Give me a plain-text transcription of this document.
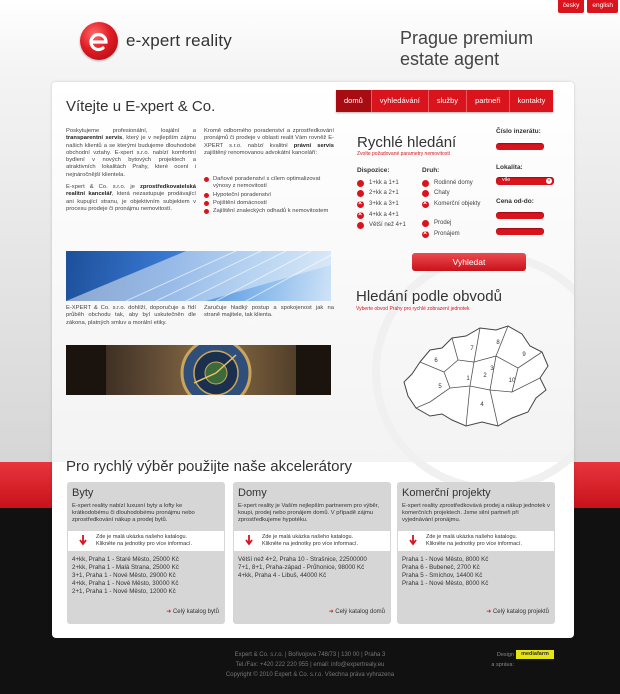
česky	english
e-xpert reality	Prague premium
estate agent
domů	vyhledávání	služby	partneři	kontakty
Vítejte u E-xpert & Co.
Poskytujeme profesionální, loajální a transparentní servis, který je v nejlepším zájmu našich klientů a se kterými budujeme dlouhodobé obchodní vztahy. E-xpert s.r.o. nabízí komfortní bydlení v nových bytových projektech a atraktivních lokalitách Prahy, které ocení i nejnáročnější klientela.
E-xpert & Co. s.r.o. je zprostředkovatelská realitní kancelář, která nezastupuje prodávající ani kupující stranu, je objektivním subjektem v procesu prodeje či pronájmu nemovitostí.
Kromě odborného poradenství a zprostředkování pronájmů či prodeje v oblasti realit Vám rovněž E-XPERT s.r.o. nabízí kvalitní právní servis zajištěný renomovanou advokátní kanceláří:
Daňové poradenství s cílem optimalizovat výnosy z nemovitostí
Hypoteční poradenství
Pojištění domácností
Zajištění znaleckých odhadů k nemovitostem
E-XPERT & Co. s.r.o. dohlíží, doporučuje a řídí průběh obchodu tak, aby byl uskutečněn dle zákona, platných smluv a morální etiky.
Zaručuje hladký postup a spokojenost jak na straně majitele, tak klienta.
Rychlé hledání
Zvolte požadované parametry nemovitosti
Dispozice:
1+kk a 1+1
2+kk a 2+1
×
3+kk a 3+1
×
4+kk a 4+1
Větší než 4+1
Druh:
Rodinné domy
Chaty
×
Komerční objekty
Prodej
×
Pronájem
Číslo inzerátu:
Lokalita:
vile	×
Cena od-do:
Vyhledat
Hledání podle obvodů
Vyberte obvod Prahy pro rychlé zobrazení jednotek
1 2
3
4
5
6
7
8
9
10
Pro rychlý výběr použijte naše akcelerátory
Byty
E-xpert reality nabízí luxusní byty a lofty ke krátkodobému či dlouhodobému pronájmu nebo zprostředkování nákup a prodej bytů.
Zde je malá ukázka našeho katalogu.
Klikněte na jednotky pro více informací.
4+kk, Praha 1 - Staré Město, 25000 Kč
2+kk, Praha 1 - Malá Strana, 25000 Kč
3+1, Praha 1 - Nové Město, 29000 Kč
4+kk, Praha 1 - Nové Město, 30000 Kč
2+1, Praha 1 - Nové Město, 12000 Kč
➜ Celý katalog bytů
Domy
E-xpert reality je Vaším nejlepším partnerem pro výběr, koupi, prodej nebo pronájem domů. V případě zájmu zprostředkujeme hypotéku.
Zde je malá ukázka našeho katalogu.
Klikněte na jednotky pro více informací.
Větší než 4+2, Praha 10 - Strašnice, 22500000
7+1, 8+1, Praha-západ - Průhonice, 98000 Kč
4+kk, Praha 4 - Libuš, 44000 Kč
➜ Celý katalog domů
Komerční projekty
E-xpert reality zprostředkovává prodej a nákup jednotek v komerčních projektech. Jsme silní partneři při vyjednávání pronájmu.
Zde je malá ukázka našeho katalogu.
Klikněte na jednotky pro více informací.
Praha 1 - Nové Město, 8000 Kč
Praha 6 - Bubeneč, 2700 Kč
Praha 5 - Smíchov, 14400 Kč
Praha 1 - Nové Město, 8000 Kč
➜ Celý katalog projektů
Expert & Co. s.r.o. | Bořivojova 748/73 | 130 00 | Praha 3
Tel./Fax: +420 222 220 955 | email: info@expertrealy.eu
Copyright © 2010 Expert & Co. s.r.o. Všechna práva vyhrazena
Design
a správa:
mediafarm
